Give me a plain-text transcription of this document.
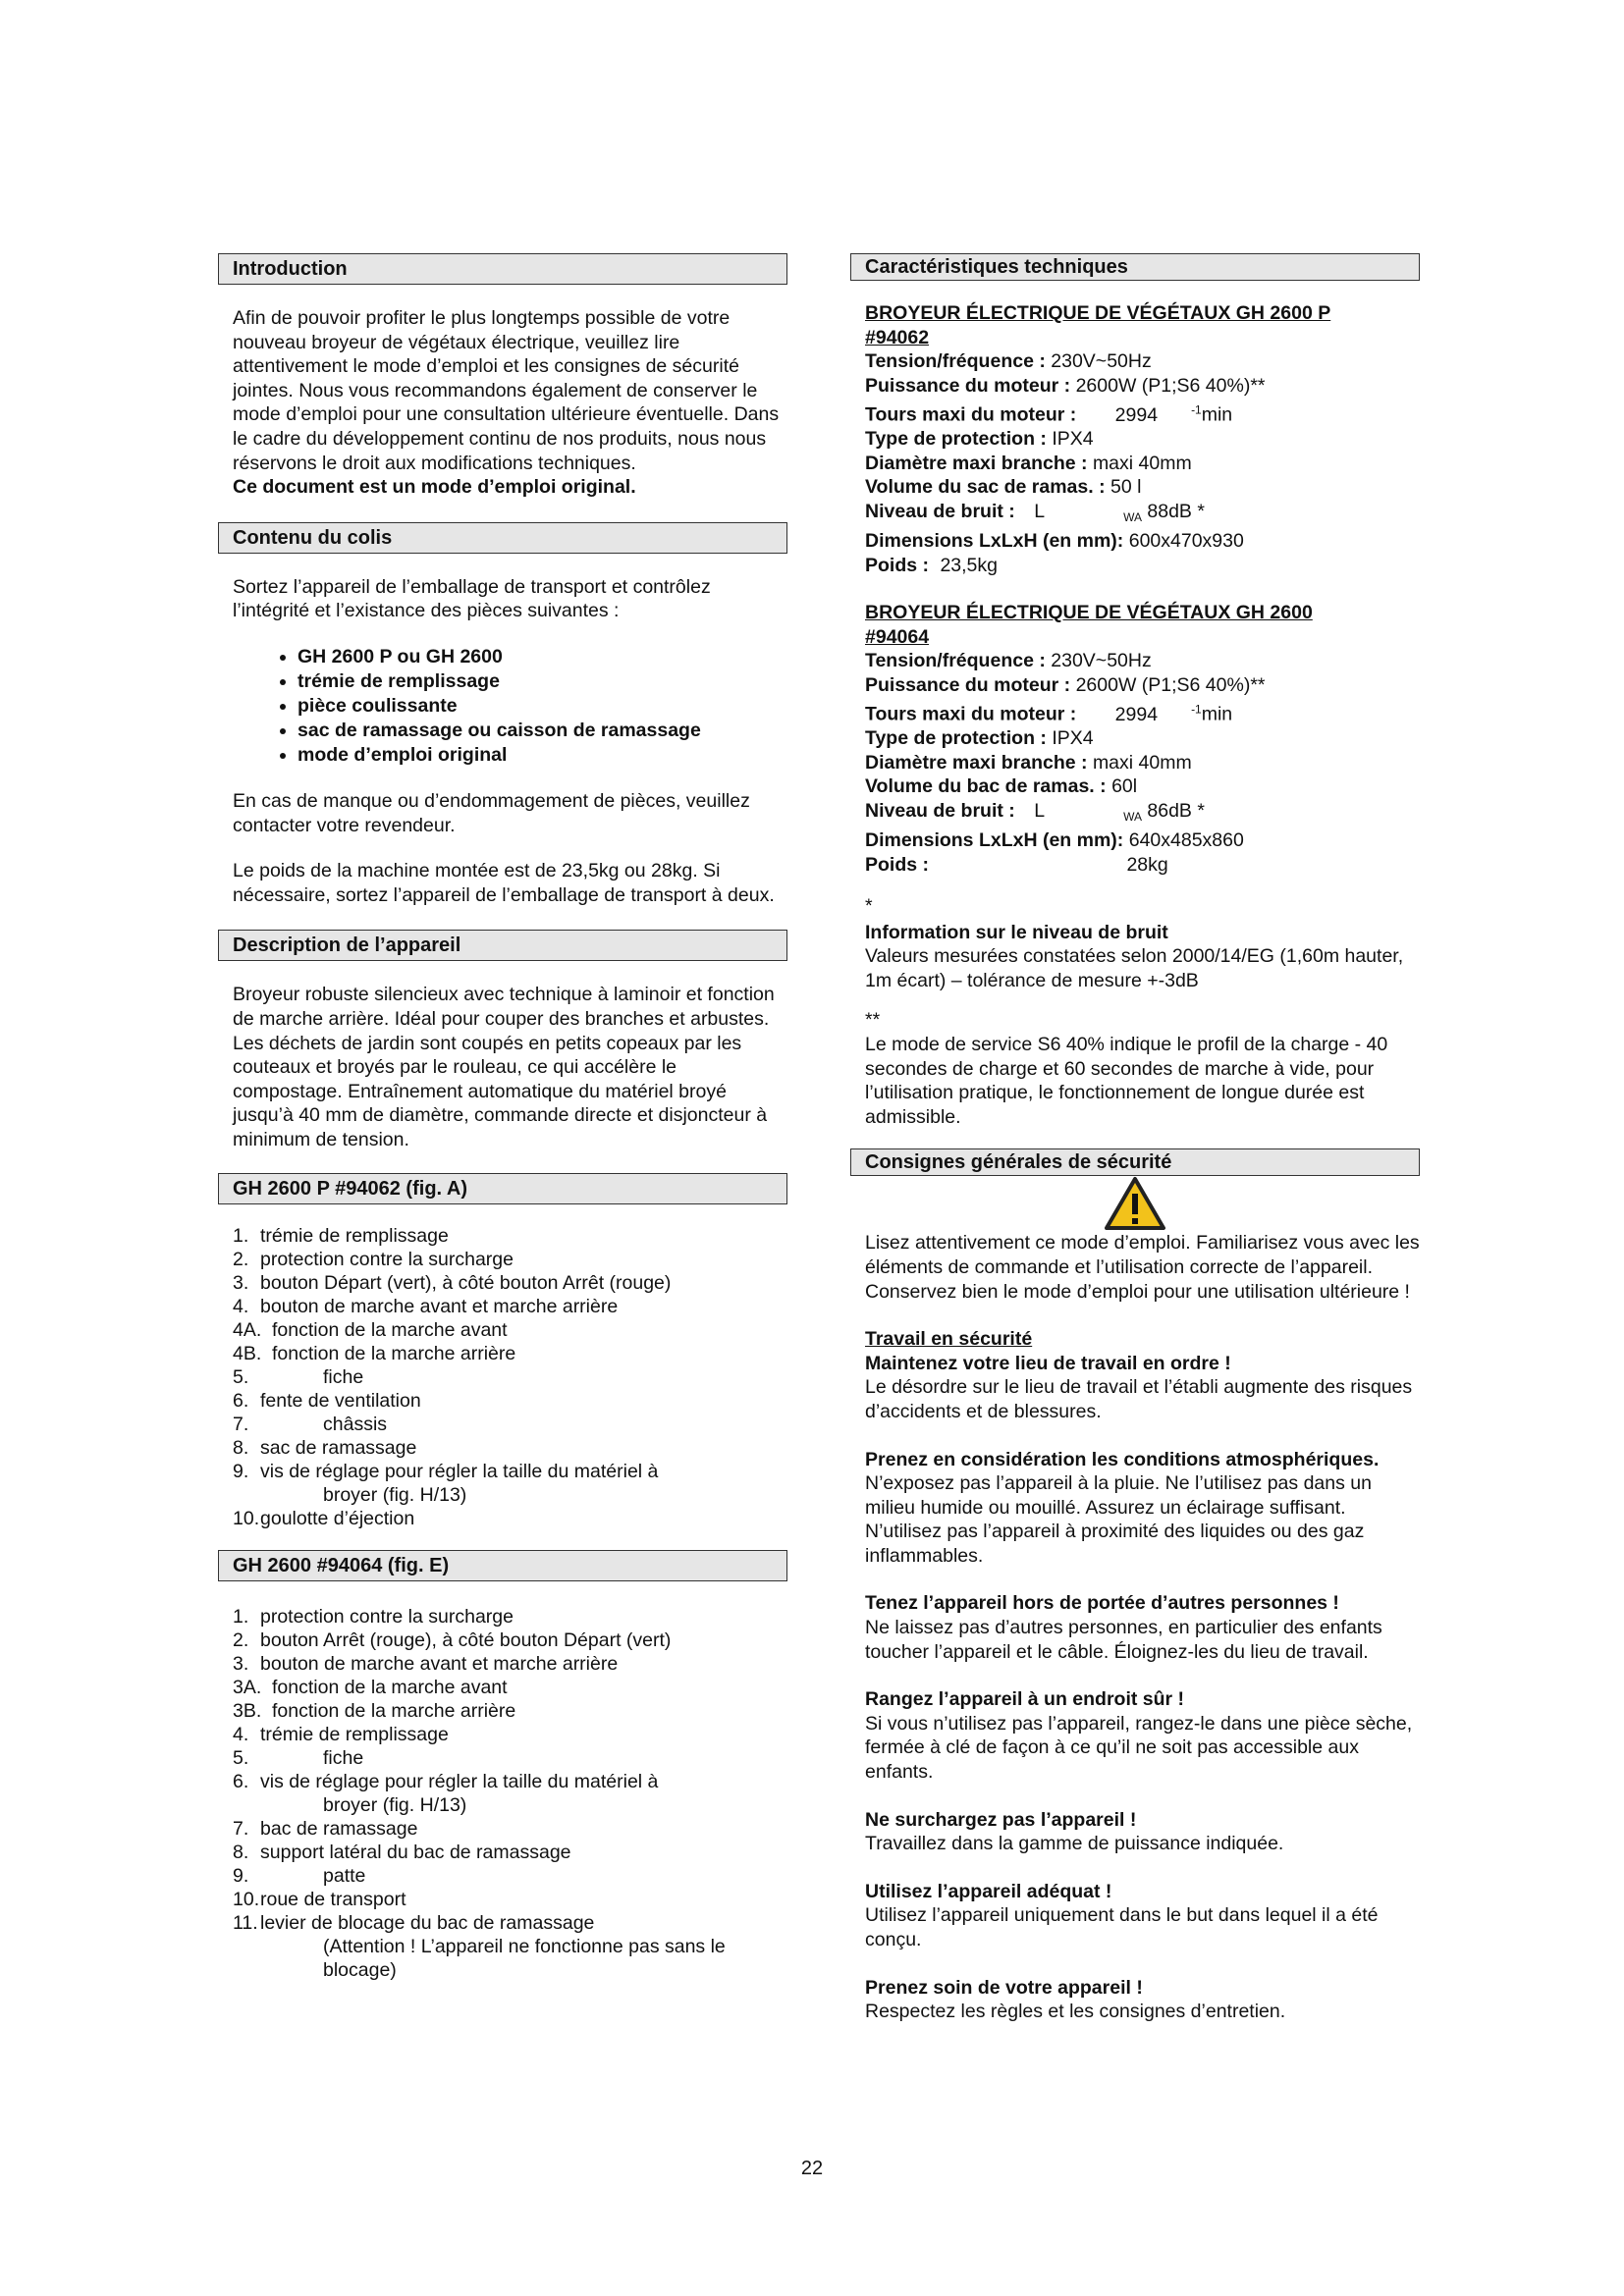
Introduction

Afin de pouvoir profiter le plus longtemps possible de votre nouveau broyeur de végétaux électrique, veuillez lire attentivement le mode d’emploi et les consignes de sécurité jointes. Nous vous recommandons également de conserver le mode d’emploi pour une consultation ultérieure éventuelle. Dans le cadre du développement continu de nos produits, nous nous réservons le droit aux modifications techniques.

Ce document est un mode d’emploi original.

Contenu du colis

Sortez l’appareil de l’emballage de transport et contrôlez l’intégrité et l’existance des pièces suivantes :

• GH 2600 P ou GH 2600
• trémie de remplissage
• pièce coulissante
• sac de ramassage ou caisson de ramassage
• mode d’emploi original

En cas de manque ou d’endommagement de pièces, veuillez contacter votre revendeur.

Le poids de la machine montée est de 23,5kg ou 28kg. Si nécessaire, sortez l’appareil de l’emballage de transport à deux.

Description de l’appareil

Broyeur robuste silencieux avec technique à laminoir et fonction de marche arrière. Idéal pour couper des branches et arbustes. Les déchets de jardin sont coupés en petits copeaux par les couteaux et broyés par le rouleau, ce qui accélère le compostage. Entraînement automatique du matériel broyé jusqu’à 40 mm de diamètre, commande directe et disjoncteur à minimum de tension.

GH 2600 P #94062 (fig. A)
1. trémie de remplissage
2. protection contre la surcharge
3. bouton Départ (vert), à côté bouton Arrêt (rouge)
4. bouton de marche avant et marche arrière
4A. fonction de la marche avant
4B. fonction de la marche arrière
5.	fiche
6. fente de ventilation
7.	châssis
8. sac de ramassage
9. vis de réglage pour régler la taille du matériel à
broyer (fig. H/13)
10. goulotte d’éjection
GH 2600 #94064 (fig. E)
1. protection contre la surcharge
2. bouton Arrêt (rouge), à côté bouton Départ (vert)
3. bouton de marche avant et marche arrière
3A. fonction de la marche avant
3B. fonction de la marche arrière
4. trémie de remplissage
5.	fiche
6. vis de réglage pour régler la taille du matériel à
broyer (fig. H/13)
7. bac de ramassage
8. support latéral du bac de ramassage
9.	patte
10. roue de transport
11. levier de blocage du bac de ramassage
(Attention ! L’appareil ne fonctionne pas sans le
blocage)
Caractéristiques techniques
BROYEUR ÉLECTRIQUE DE VÉGÉTAUX GH 2600 P
#94062
Tension/fréquence : 230V~50Hz
Puissance du moteur : 2600W (P1;S6 40%)**
Tours maxi du moteur : 2994	$^{-1}$min
Type de protection : IPX4
Diamètre maxi branche : maxi 40mm
Volume du sac de ramas. : 50 l
Niveau de bruit : L	$_{WA}$ 88dB *
Dimensions LxLxH (en mm): 600x470x930
Poids : 23,5kg
BROYEUR ÉLECTRIQUE DE VÉGÉTAUX GH 2600
#94064
Tension/fréquence : 230V~50Hz
Puissance du moteur : 2600W (P1;S6 40%)**
Tours maxi du moteur : 2994	$^{-1}$min
Type de protection : IPX4
Diamètre maxi branche : maxi 40mm
Volume du bac de ramas. : 60l
Niveau de bruit : L	$_{WA}$ 86dB *
Dimensions LxLxH (en mm): 640x485x860
Poids :	28kg

*

Information sur le niveau de bruit

Valeurs mesurées constatées selon 2000/14/EG (1,60m hauter, 1m écart) – tolérance de mesure +-3dB

**

Le mode de service S6 40% indique le profil de la charge - 40 secondes de charge et 60 secondes de marche à vide, pour l’utilisation pratique, le fonctionnement de longue durée est admissible.

Consignes générales de sécurité

Lisez attentivement ce mode d’emploi. Familiarisez vous avec les éléments de commande et l’utilisation correcte de l’appareil. Conservez bien le mode d’emploi pour une utilisation ultérieure !

Travail en sécurité

Maintenez votre lieu de travail en ordre !

Le désordre sur le lieu de travail et l’établi augmente des risques d’accidents et de blessures.

Prenez en considération les conditions atmosphériques.

N’exposez pas l’appareil à la pluie. Ne l’utilisez pas dans un milieu humide ou mouillé. Assurez un éclairage suffisant. N’utilisez pas l’appareil à proximité des liquides ou des gaz inflammables.

Tenez l’appareil hors de portée d’autres personnes !

Ne laissez pas d’autres personnes, en particulier des enfants toucher l’appareil et le câble. Éloignez-les du lieu de travail.

Rangez l’appareil à un endroit sûr !

Si vous n’utilisez pas l’appareil, rangez-le dans une pièce sèche, fermée à clé de façon à ce qu’il ne soit pas accessible aux enfants.

Ne surchargez pas l’appareil !

Travaillez dans la gamme de puissance indiquée.

Utilisez l’appareil adéquat !

Utilisez l’appareil uniquement dans le but dans lequel il a été conçu.

Prenez soin de votre appareil !

Respectez les règles et les consignes d’entretien.

22
